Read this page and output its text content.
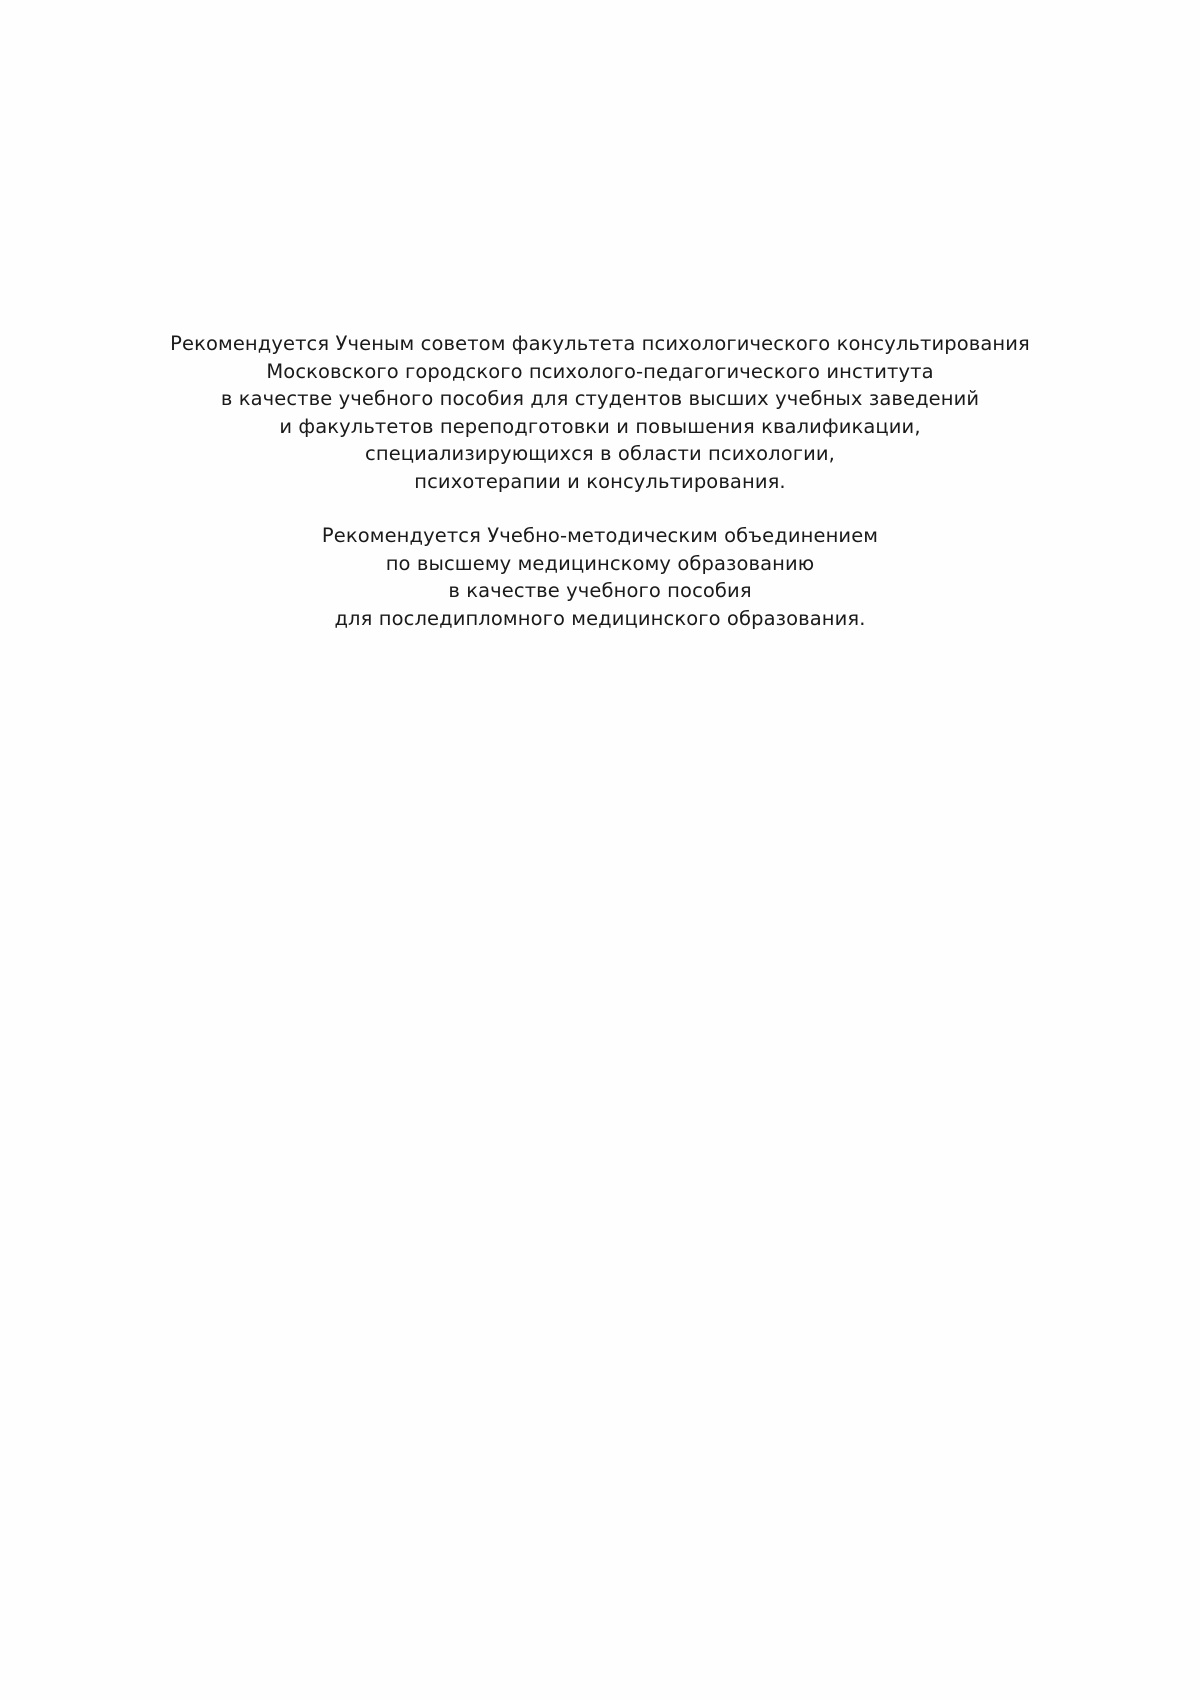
Рекомендуется Ученым советом факультета психологического консультирования
Московского городского психолого-педагогического института
в качестве учебного пособия для студентов высших учебных заведений
и факультетов переподготовки и повышения квалификации,
специализирующихся в области психологии,
психотерапии и консультирования.
Рекомендуется Учебно-методическим объединением
по высшему медицинскому образованию
в качестве учебного пособия
для последипломного медицинского образования.
